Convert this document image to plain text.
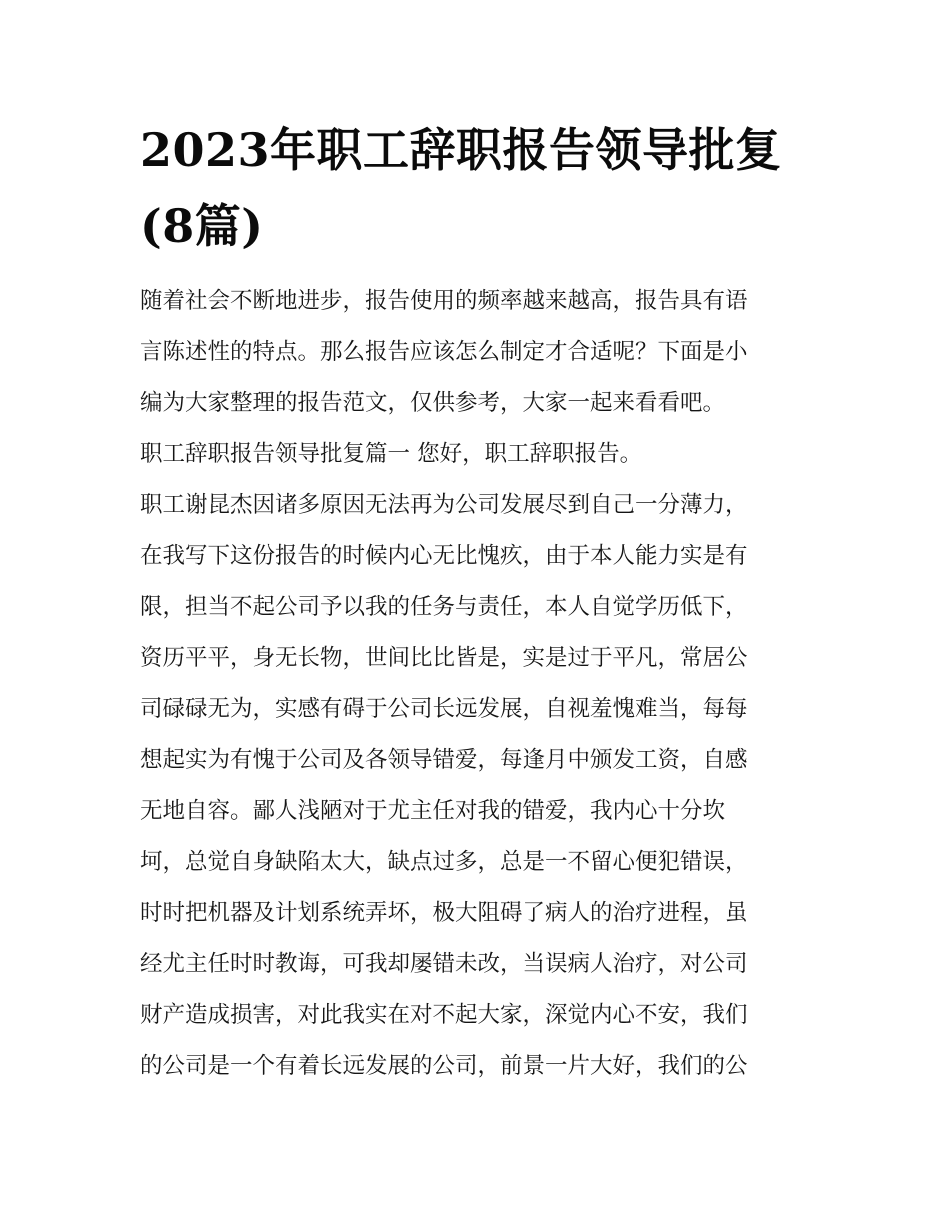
2023年职工辞职报告领导批复
(8篇)
随着社会不断地进步，报告使用的频率越来越高，报告具有语
言陈述性的特点。那么报告应该怎么制定才合适呢？下面是小
编为大家整理的报告范文，仅供参考，大家一起来看看吧。
职工辞职报告领导批复篇一 您好，职工辞职报告。
职工谢昆杰因诸多原因无法再为公司发展尽到自己一分薄力，
在我写下这份报告的时候内心无比愧疚，由于本人能力实是有
限，担当不起公司予以我的任务与责任，本人自觉学历低下，
资历平平，身无长物，世间比比皆是，实是过于平凡，常居公
司碌碌无为，实感有碍于公司长远发展，自视羞愧难当，每每
想起实为有愧于公司及各领导错爱，每逢月中颁发工资，自感
无地自容。鄙人浅陋对于尤主任对我的错爱，我内心十分坎
坷，总觉自身缺陷太大，缺点过多，总是一不留心便犯错误，
时时把机器及计划系统弄坏，极大阻碍了病人的治疗进程，虽
经尤主任时时教诲，可我却屡错未改，当误病人治疗，对公司
财产造成损害，对此我实在对不起大家，深觉内心不安，我们
的公司是一个有着长远发展的公司，前景一片大好，我们的公
